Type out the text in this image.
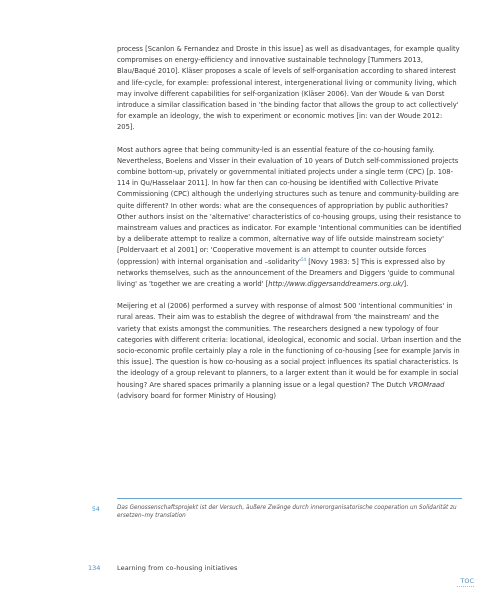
process [Scanlon & Fernandez and Droste in this issue] as well as disadvantages, for example quality compromises on energy-efficiency and innovative sustainable technology [Tummers 2013, Blau/Baqué 2010]. Kläser proposes a scale of levels of self-organisation according to shared interest and life-cycle, for example: professional interest, intergenerational living or community living, which may involve different capabilities for self-organization (Kläser 2006). Van der Woude & van Dorst introduce a similar classification based in 'the binding factor that allows the group to act collectively' for example an ideology, the wish to experiment or economic motives [in: van der Woude 2012: 205].

Most authors agree that being community-led is an essential feature of the co-housing family. Nevertheless, Boelens and Visser in their evaluation of 10 years of Dutch self-commissioned projects combine bottom-up, privately or governmental initiated projects under a single term (CPC) [p. 108-114 in Qu/Hasselaar 2011]. In how far then can co-housing be identified with Collective Private Commissioning (CPC) although the underlying structures such as tenure and community-building are quite different? In other words: what are the consequences of appropriation by public authorities? Other authors insist on the 'alternative' characteristics of co-housing groups, using their resistance to mainstream values and practices as indicator. For example 'Intentional communities can be identified by a deliberate attempt to realize a common, alternative way of life outside mainstream society' [Poldervaart et al 2001] or: 'Cooperative movement is an attempt to counter outside forces (oppression) with internal organisation and $-solidarity'^{54}$ [Novy 1983: 5] This is expressed also by networks themselves, such as the announcement of the Dreamers and Diggers 'guide to communal living' as 'together we are creating a world' [http://www.diggersanddreamers.org.uk/].

Meijering et al (2006) performed a survey with response of almost 500 'intentional communities' in rural areas. Their aim was to establish the degree of withdrawal from 'the mainstream' and the variety that exists amongst the communities. The researchers designed a new typology of four categories with different criteria: locational, ideological, economic and social. Urban insertion and the socio-economic profile certainly play a role in the functioning of co-housing [see for example Jarvis in this issue]. The question is how co-housing as a social project influences its spatial characteristics. Is the ideology of a group relevant to planners, to a larger extent than it would be for example in social housing? Are shared spaces primarily a planning issue or a legal question? The Dutch VROMraad (advisory board for former Ministry of Housing)

54	Das Genossenschaftsprojekt ist der Versuch, äußere Zwänge durch innerorganisatorische cooperation un Solidarität zu ersetzen–my translation
134	Learning from co-housing initiatives
TOC
